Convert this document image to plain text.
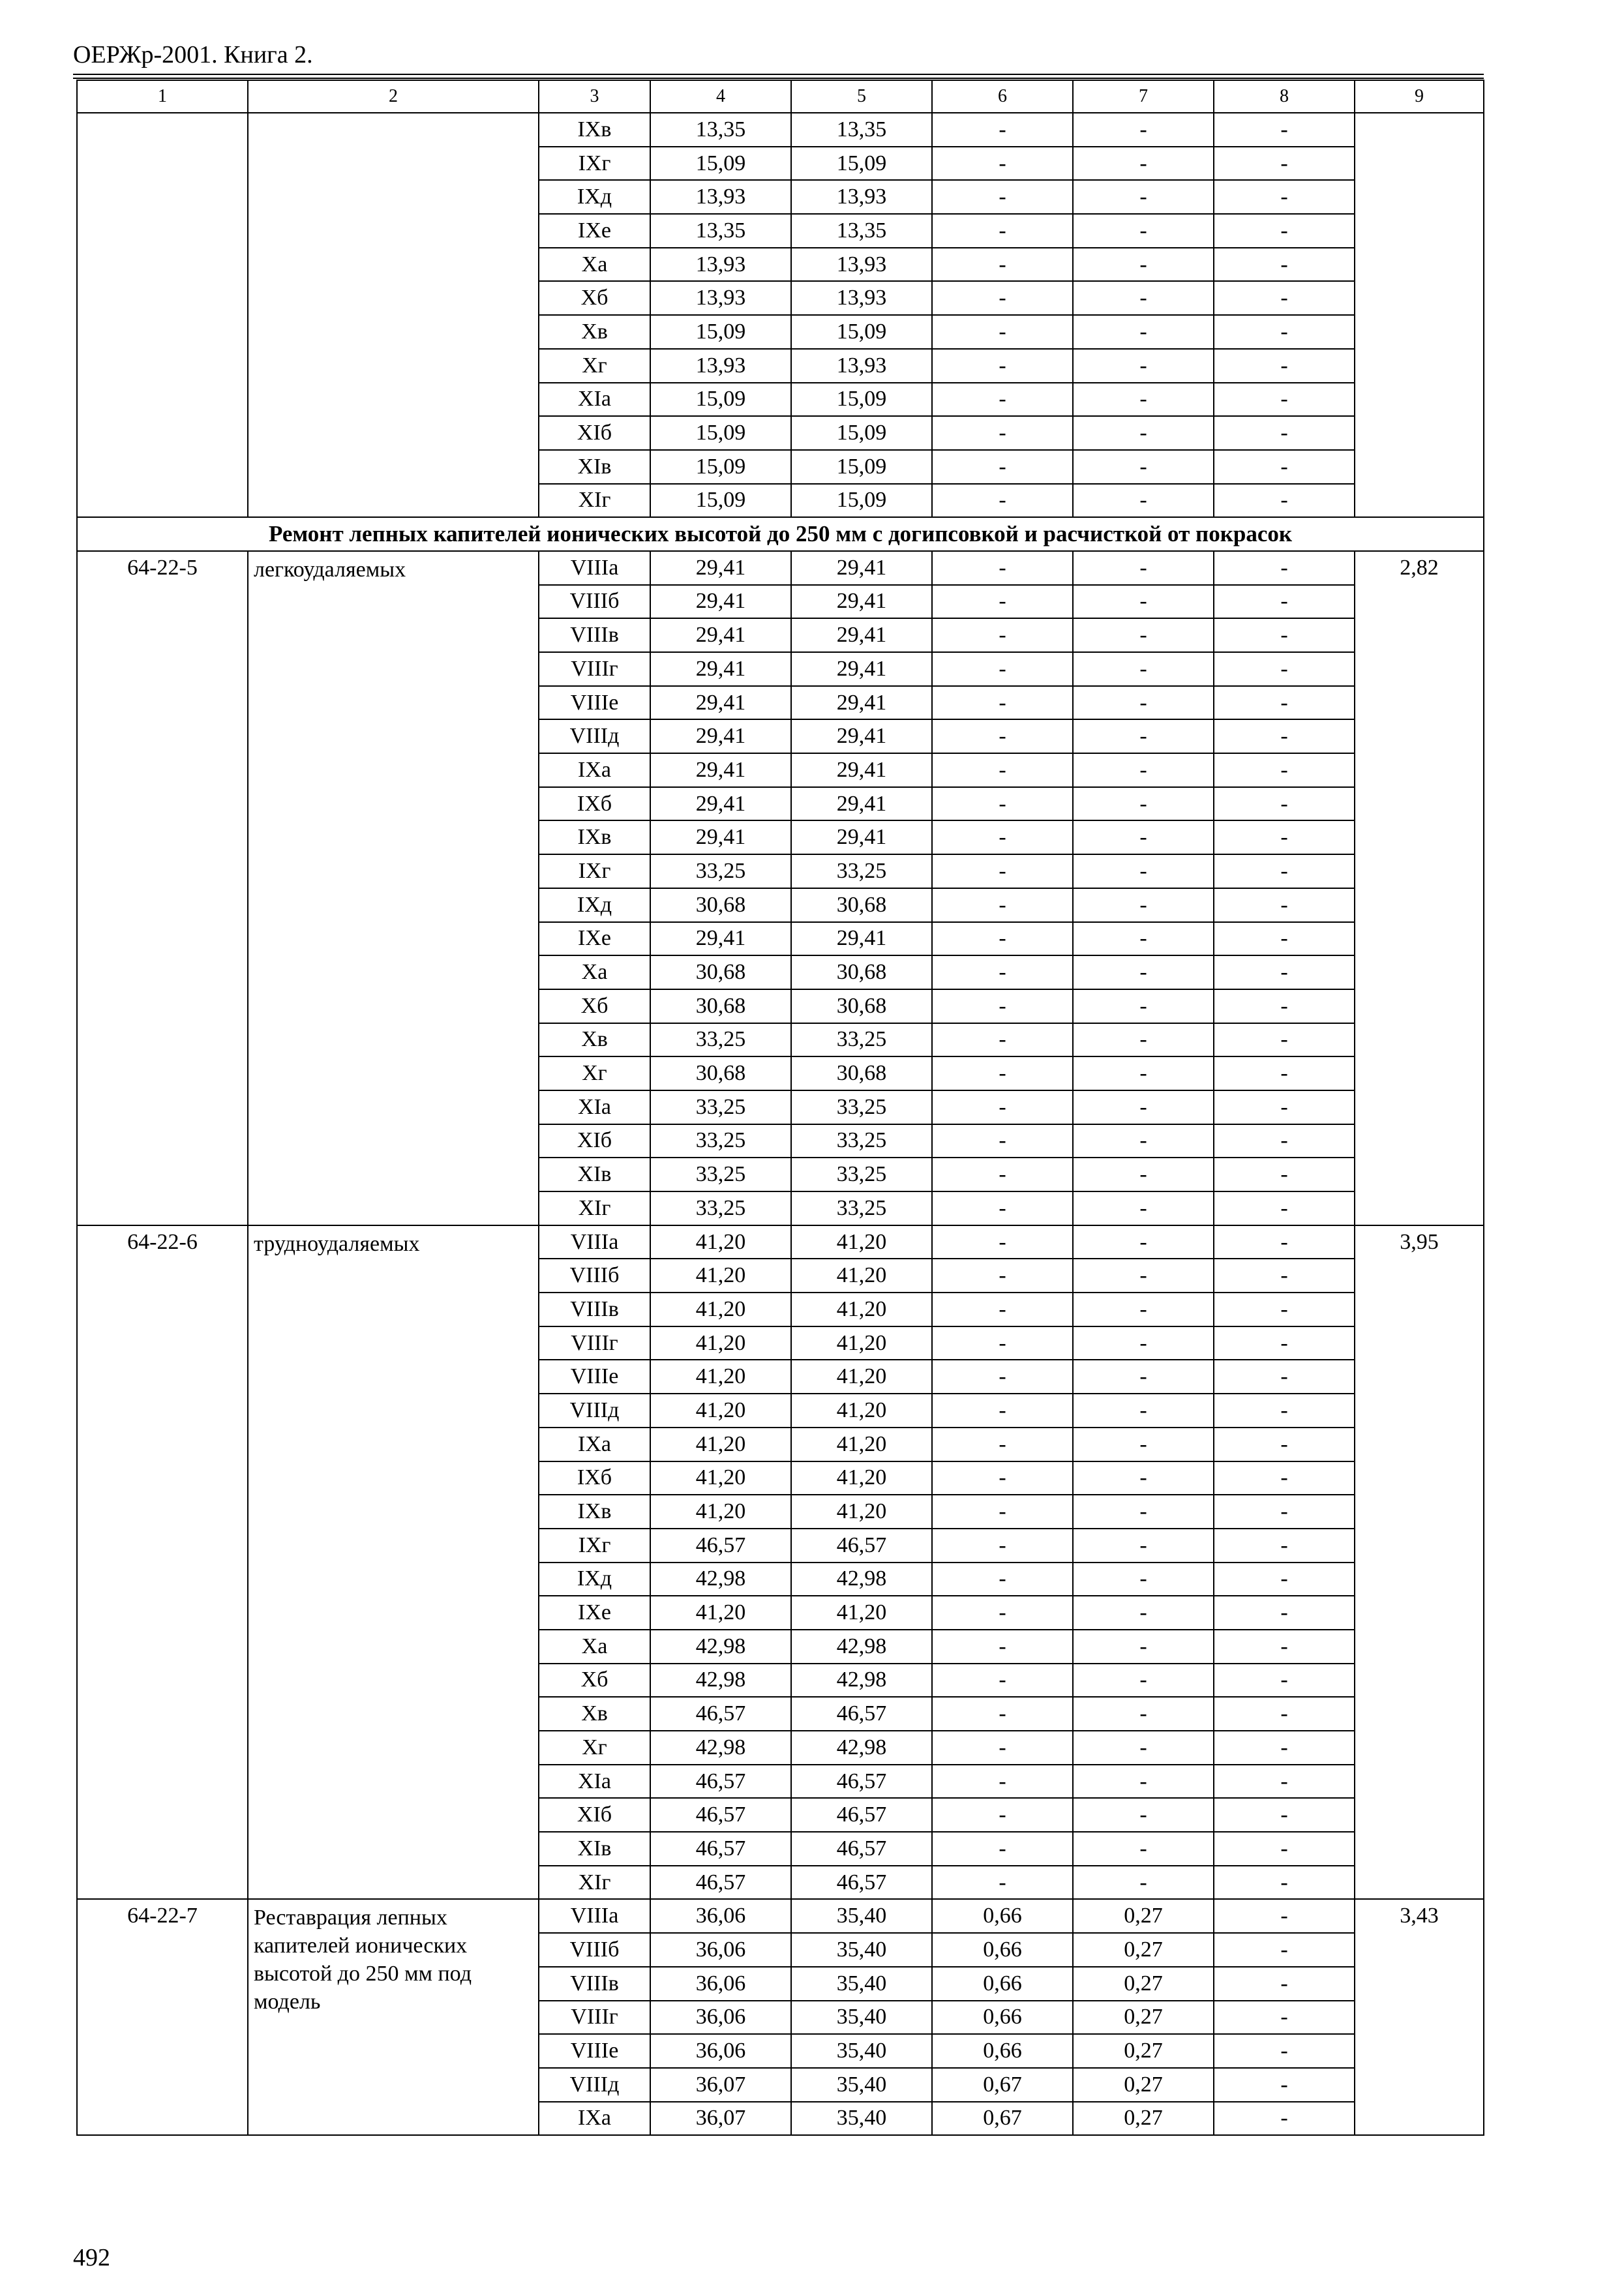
ОЕРЖр-2001. Книга 2.
1	2	3	4	5	6	7	8	9
		IXв	13,35	13,35	-	-	-	
		IXг	15,09	15,09	-	-	-	
		IXд	13,93	13,93	-	-	-	
		IXе	13,35	13,35	-	-	-	
		Xа	13,93	13,93	-	-	-	
		Xб	13,93	13,93	-	-	-	
		Xв	15,09	15,09	-	-	-	
		Xг	13,93	13,93	-	-	-	
		XIа	15,09	15,09	-	-	-	
		XIб	15,09	15,09	-	-	-	
		XIв	15,09	15,09	-	-	-	
		XIг	15,09	15,09	-	-	-	
Ремонт лепных капителей ионических высотой до 250 мм с догипсовкой и расчисткой от покрасок								
64-22-5	легкоудаляемых	VIIIа	29,41	29,41	-	-	-	2,82
		VIIIб	29,41	29,41	-	-	-	
		VIIIв	29,41	29,41	-	-	-	
		VIIIг	29,41	29,41	-	-	-	
		VIIIе	29,41	29,41	-	-	-	
		VIIIд	29,41	29,41	-	-	-	
		IXа	29,41	29,41	-	-	-	
		IXб	29,41	29,41	-	-	-	
		IXв	29,41	29,41	-	-	-	
		IXг	33,25	33,25	-	-	-	
		IXд	30,68	30,68	-	-	-	
		IXе	29,41	29,41	-	-	-	
		Xа	30,68	30,68	-	-	-	
		Xб	30,68	30,68	-	-	-	
		Xв	33,25	33,25	-	-	-	
		Xг	30,68	30,68	-	-	-	
		XIа	33,25	33,25	-	-	-	
		XIб	33,25	33,25	-	-	-	
		XIв	33,25	33,25	-	-	-	
		XIг	33,25	33,25	-	-	-	
64-22-6	трудноудаляемых	VIIIа	41,20	41,20	-	-	-	3,95
		VIIIб	41,20	41,20	-	-	-	
		VIIIв	41,20	41,20	-	-	-	
		VIIIг	41,20	41,20	-	-	-	
		VIIIе	41,20	41,20	-	-	-	
		VIIIд	41,20	41,20	-	-	-	
		IXа	41,20	41,20	-	-	-	
		IXб	41,20	41,20	-	-	-	
		IXв	41,20	41,20	-	-	-	
		IXг	46,57	46,57	-	-	-	
		IXд	42,98	42,98	-	-	-	
		IXе	41,20	41,20	-	-	-	
		Xа	42,98	42,98	-	-	-	
		Xб	42,98	42,98	-	-	-	
		Xв	46,57	46,57	-	-	-	
		Xг	42,98	42,98	-	-	-	
		XIа	46,57	46,57	-	-	-	
		XIб	46,57	46,57	-	-	-	
		XIв	46,57	46,57	-	-	-	
		XIг	46,57	46,57	-	-	-	
64-22-7	Реставрация лепных капителей ионических высотой до 250 мм под модель	VIIIа	36,06	35,40	0,66	0,27	-	3,43
		VIIIб	36,06	35,40	0,66	0,27	-	
		VIIIв	36,06	35,40	0,66	0,27	-	
		VIIIг	36,06	35,40	0,66	0,27	-	
		VIIIе	36,06	35,40	0,66	0,27	-	
		VIIIд	36,07	35,40	0,67	0,27	-	
		IXа	36,07	35,40	0,67	0,27	-	
492
